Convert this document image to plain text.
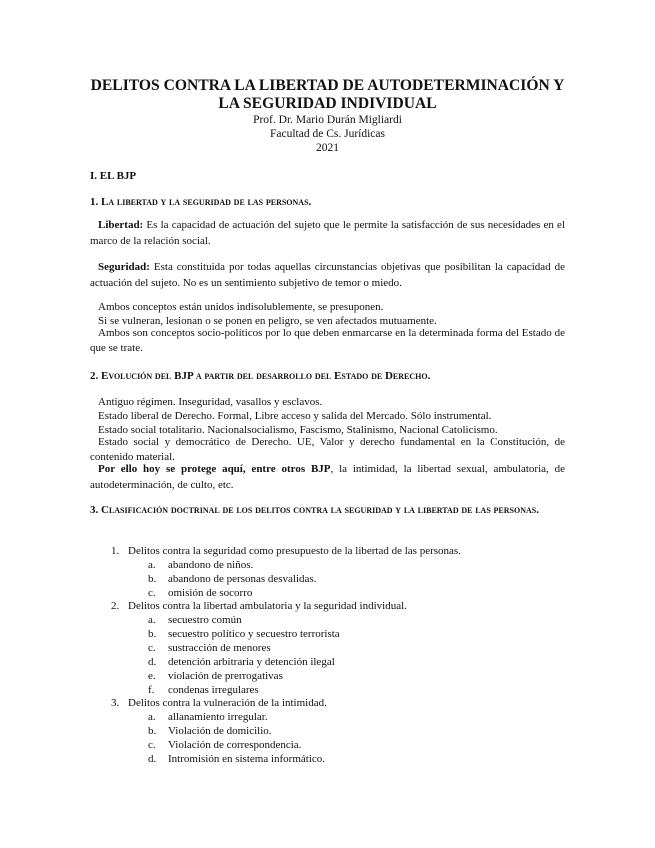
DELITOS CONTRA LA LIBERTAD DE AUTODETERMINACIÓN Y
LA SEGURIDAD INDIVIDUAL
Prof. Dr. Mario Durán Migliardi
Facultad de Cs. Jurídicas
2021
I. EL BJP
1. La libertad y la seguridad de las personas.
Libertad: Es la capacidad de actuación del sujeto que le permite la satisfacción de sus necesidades en el marco de la relación social.
Seguridad: Esta constituida por todas aquellas circunstancias objetivas que posibilitan la capacidad de actuación del sujeto. No es un sentimiento subjetivo de temor o miedo.
Ambos conceptos están unidos indisolublemente, se presuponen.
Si se vulneran, lesionan o se ponen en peligro, se ven afectados mutuamente.
Ambos son conceptos socio-políticos por lo que deben enmarcarse en la determinada forma del Estado de que se trate.
2. Evolución del BJP a partir del desarrollo del Estado de Derecho.
Antiguo régimen. Inseguridad, vasallos y esclavos.
Estado liberal de Derecho. Formal, Libre acceso y salida del Mercado. Sólo instrumental.
Estado social totalitario. Nacionalsocialismo, Fascismo, Stalinismo, Nacional Catolicismo.
Estado social y democrático de Derecho. UE, Valor y derecho fundamental en la Constitución, de contenido material.
Por ello hoy se protege aquí, entre otros BJP, la intimidad, la libertad sexual, ambulatoria, de autodeterminación, de culto, etc.
3. Clasificación doctrinal de los delitos contra la seguridad y la libertad de las personas.
1. Delitos contra la seguridad como presupuesto de la libertad de las personas.
a. abandono de niños.
b. abandono de personas desvalidas.
c. omisión de socorro
2. Delitos contra la libertad ambulatoria y la seguridad individual.
a. secuestro común
b. secuestro político y secuestro terrorista
c. sustracción de menores
d. detención arbitraria y detención ilegal
e. violación de prerrogativas
f. condenas irregulares
3. Delitos contra la vulneración de la intimidad.
a. allanamiento irregular.
b. Violación de domicilio.
c. Violación de correspondencia.
d. Intromisión en sistema informático.
